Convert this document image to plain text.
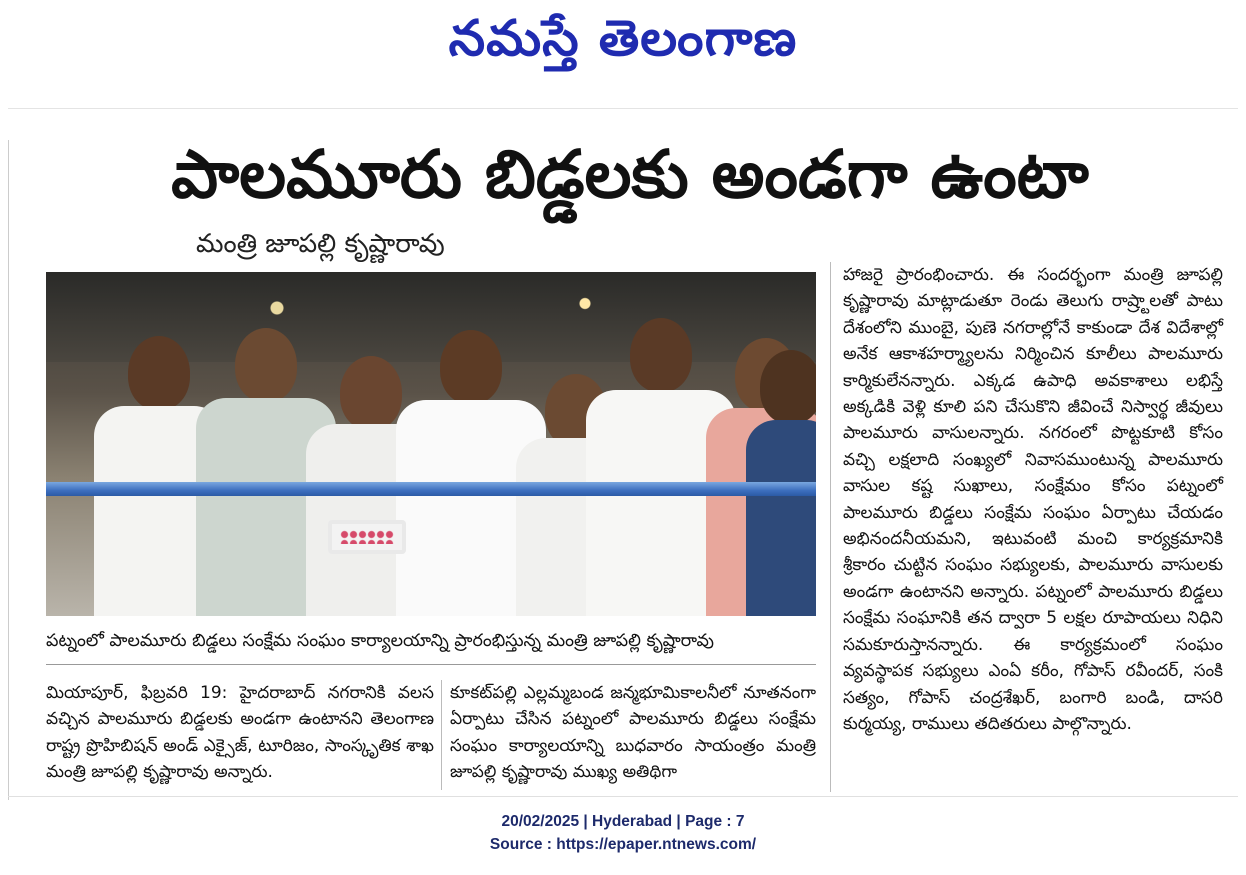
నమస్తే తెలంగాణ
పాలమూరు బిడ్డలకు అండగా ఉంటా
మంత్రి జూపల్లి కృష్ణారావు
పట్నంలో పాలమూరు బిడ్డలు సంక్షేమ సంఘం కార్యాలయాన్ని ప్రారంభిస్తున్న మంత్రి జూపల్లి కృష్ణారావు

మియాపూర్, ఫిబ్రవరి 19: హైదరాబాద్ నగరానికి వలస వచ్చిన పాలమూరు బిడ్డలకు అండగా ఉంటానని తెలంగాణ రాష్ట్ర ప్రొహిబిషన్ అండ్ ఎక్సైజ్, టూరిజం, సాంస్కృతిక శాఖ మంత్రి జూపల్లి కృష్ణారావు అన్నారు.

కూకట్‌పల్లి ఎల్లమ్మబండ జన్మభూమికాలనీలో నూతనంగా ఏర్పాటు చేసిన పట్నంలో పాలమూరు బిడ్డలు సంక్షేమ సంఘం కార్యాలయాన్ని బుధవారం సాయంత్రం మంత్రి జూపల్లి కృష్ణారావు ముఖ్య అతిథిగా

హాజరై ప్రారంభించారు. ఈ సందర్భంగా మంత్రి జూపల్లి కృష్ణారావు మాట్లాడుతూ రెండు తెలుగు రాష్ర్టాలతో పాటు దేశంలోని ముంబై, పుణె నగరాల్లోనే కాకుండా దేశ విదేశాల్లో అనేక ఆకాశహర్మ్యాలను నిర్మించిన కూలీలు పాలమూరు కార్మికులేనన్నారు. ఎక్కడ ఉపాధి అవకాశాలు లభిస్తే అక్కడికి వెళ్లి కూలి పని చేసుకొని జీవించే నిస్వార్థ జీవులు పాలమూరు వాసులన్నారు. నగరంలో పొట్టకూటి కోసం వచ్చి లక్షలాది సంఖ్యలో నివాసముంటున్న పాలమూరు వాసుల కష్ట సుఖాలు, సంక్షేమం కోసం పట్నంలో పాలమూరు బిడ్డలు సంక్షేమ సంఘం ఏర్పాటు చేయడం అభినందనీయమని, ఇటువంటి మంచి కార్యక్రమానికి శ్రీకారం చుట్టిన సంఘం సభ్యులకు, పాలమూరు వాసులకు అండగా ఉంటానని అన్నారు. పట్నంలో పాలమూరు బిడ్డలు సంక్షేమ సంఘానికి తన ద్వారా 5 లక్షల రూపాయలు నిధిని సమకూరుస్తానన్నారు. ఈ కార్యక్రమంలో సంఘం వ్యవస్థాపక సభ్యులు ఎంఏ కరీం, గోపాస్ రవీందర్, సంకి సత్యం, గోపాస్ చంద్రశేఖర్, బంగారి బండి, దాసరి కుర్మయ్య, రాములు తదితరులు పాల్గొన్నారు.

20/02/2025 | Hyderabad | Page : 7
Source : https://epaper.ntnews.com/
